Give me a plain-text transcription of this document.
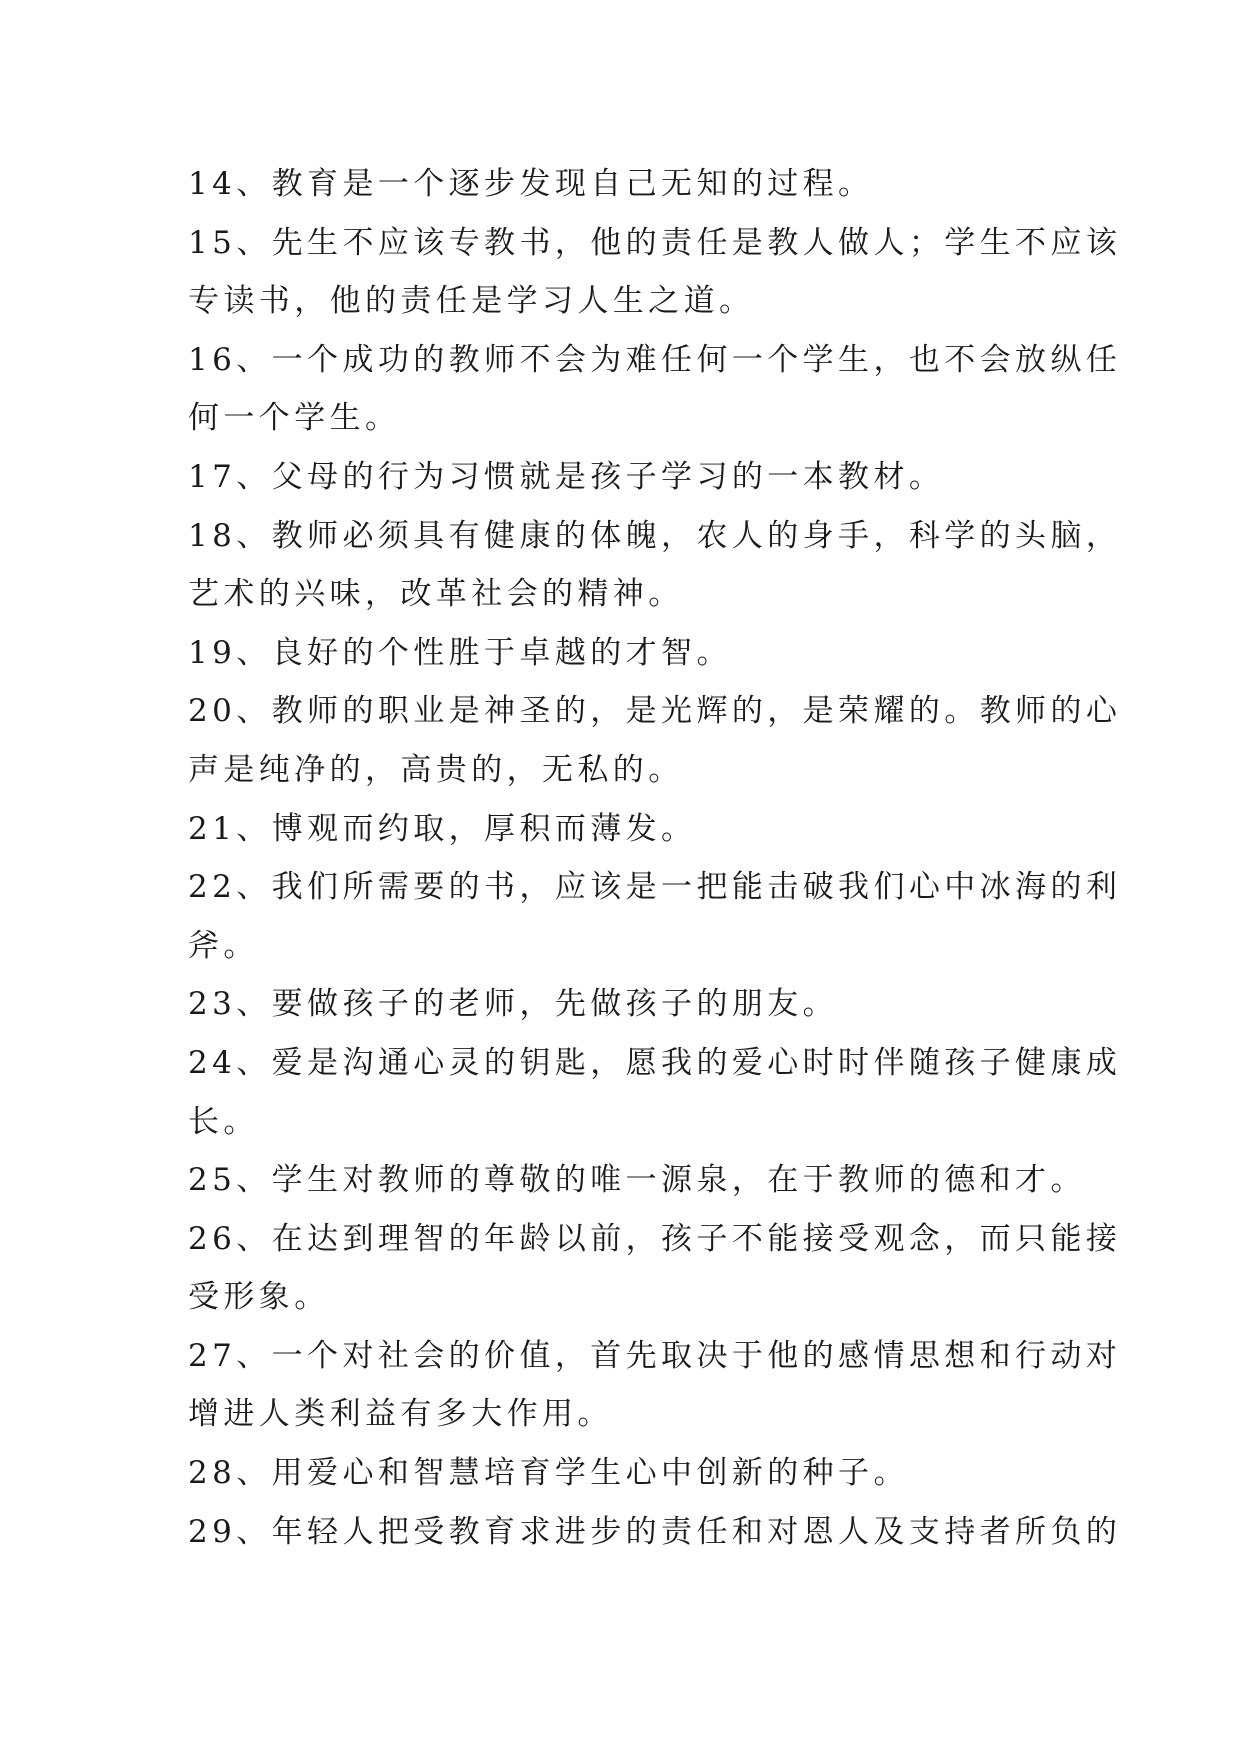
14、教育是一个逐步发现自己无知的过程。
15、先生不应该专教书，他的责任是教人做人；学生不应该
专读书，他的责任是学习人生之道。
16、一个成功的教师不会为难任何一个学生，也不会放纵任
何一个学生。
17、父母的行为习惯就是孩子学习的一本教材。
18、教师必须具有健康的体魄，农人的身手，科学的头脑，
艺术的兴味，改革社会的精神。
19、良好的个性胜于卓越的才智。
20、教师的职业是神圣的，是光辉的，是荣耀的。教师的心
声是纯净的，高贵的，无私的。
21、博观而约取，厚积而薄发。
22、我们所需要的书，应该是一把能击破我们心中冰海的利
斧。
23、要做孩子的老师，先做孩子的朋友。
24、爱是沟通心灵的钥匙，愿我的爱心时时伴随孩子健康成
长。
25、学生对教师的尊敬的唯一源泉，在于教师的德和才。
26、在达到理智的年龄以前，孩子不能接受观念，而只能接
受形象。
27、一个对社会的价值，首先取决于他的感情思想和行动对
增进人类利益有多大作用。
28、用爱心和智慧培育学生心中创新的种子。
29、年轻人把受教育求进步的责任和对恩人及支持者所负的
